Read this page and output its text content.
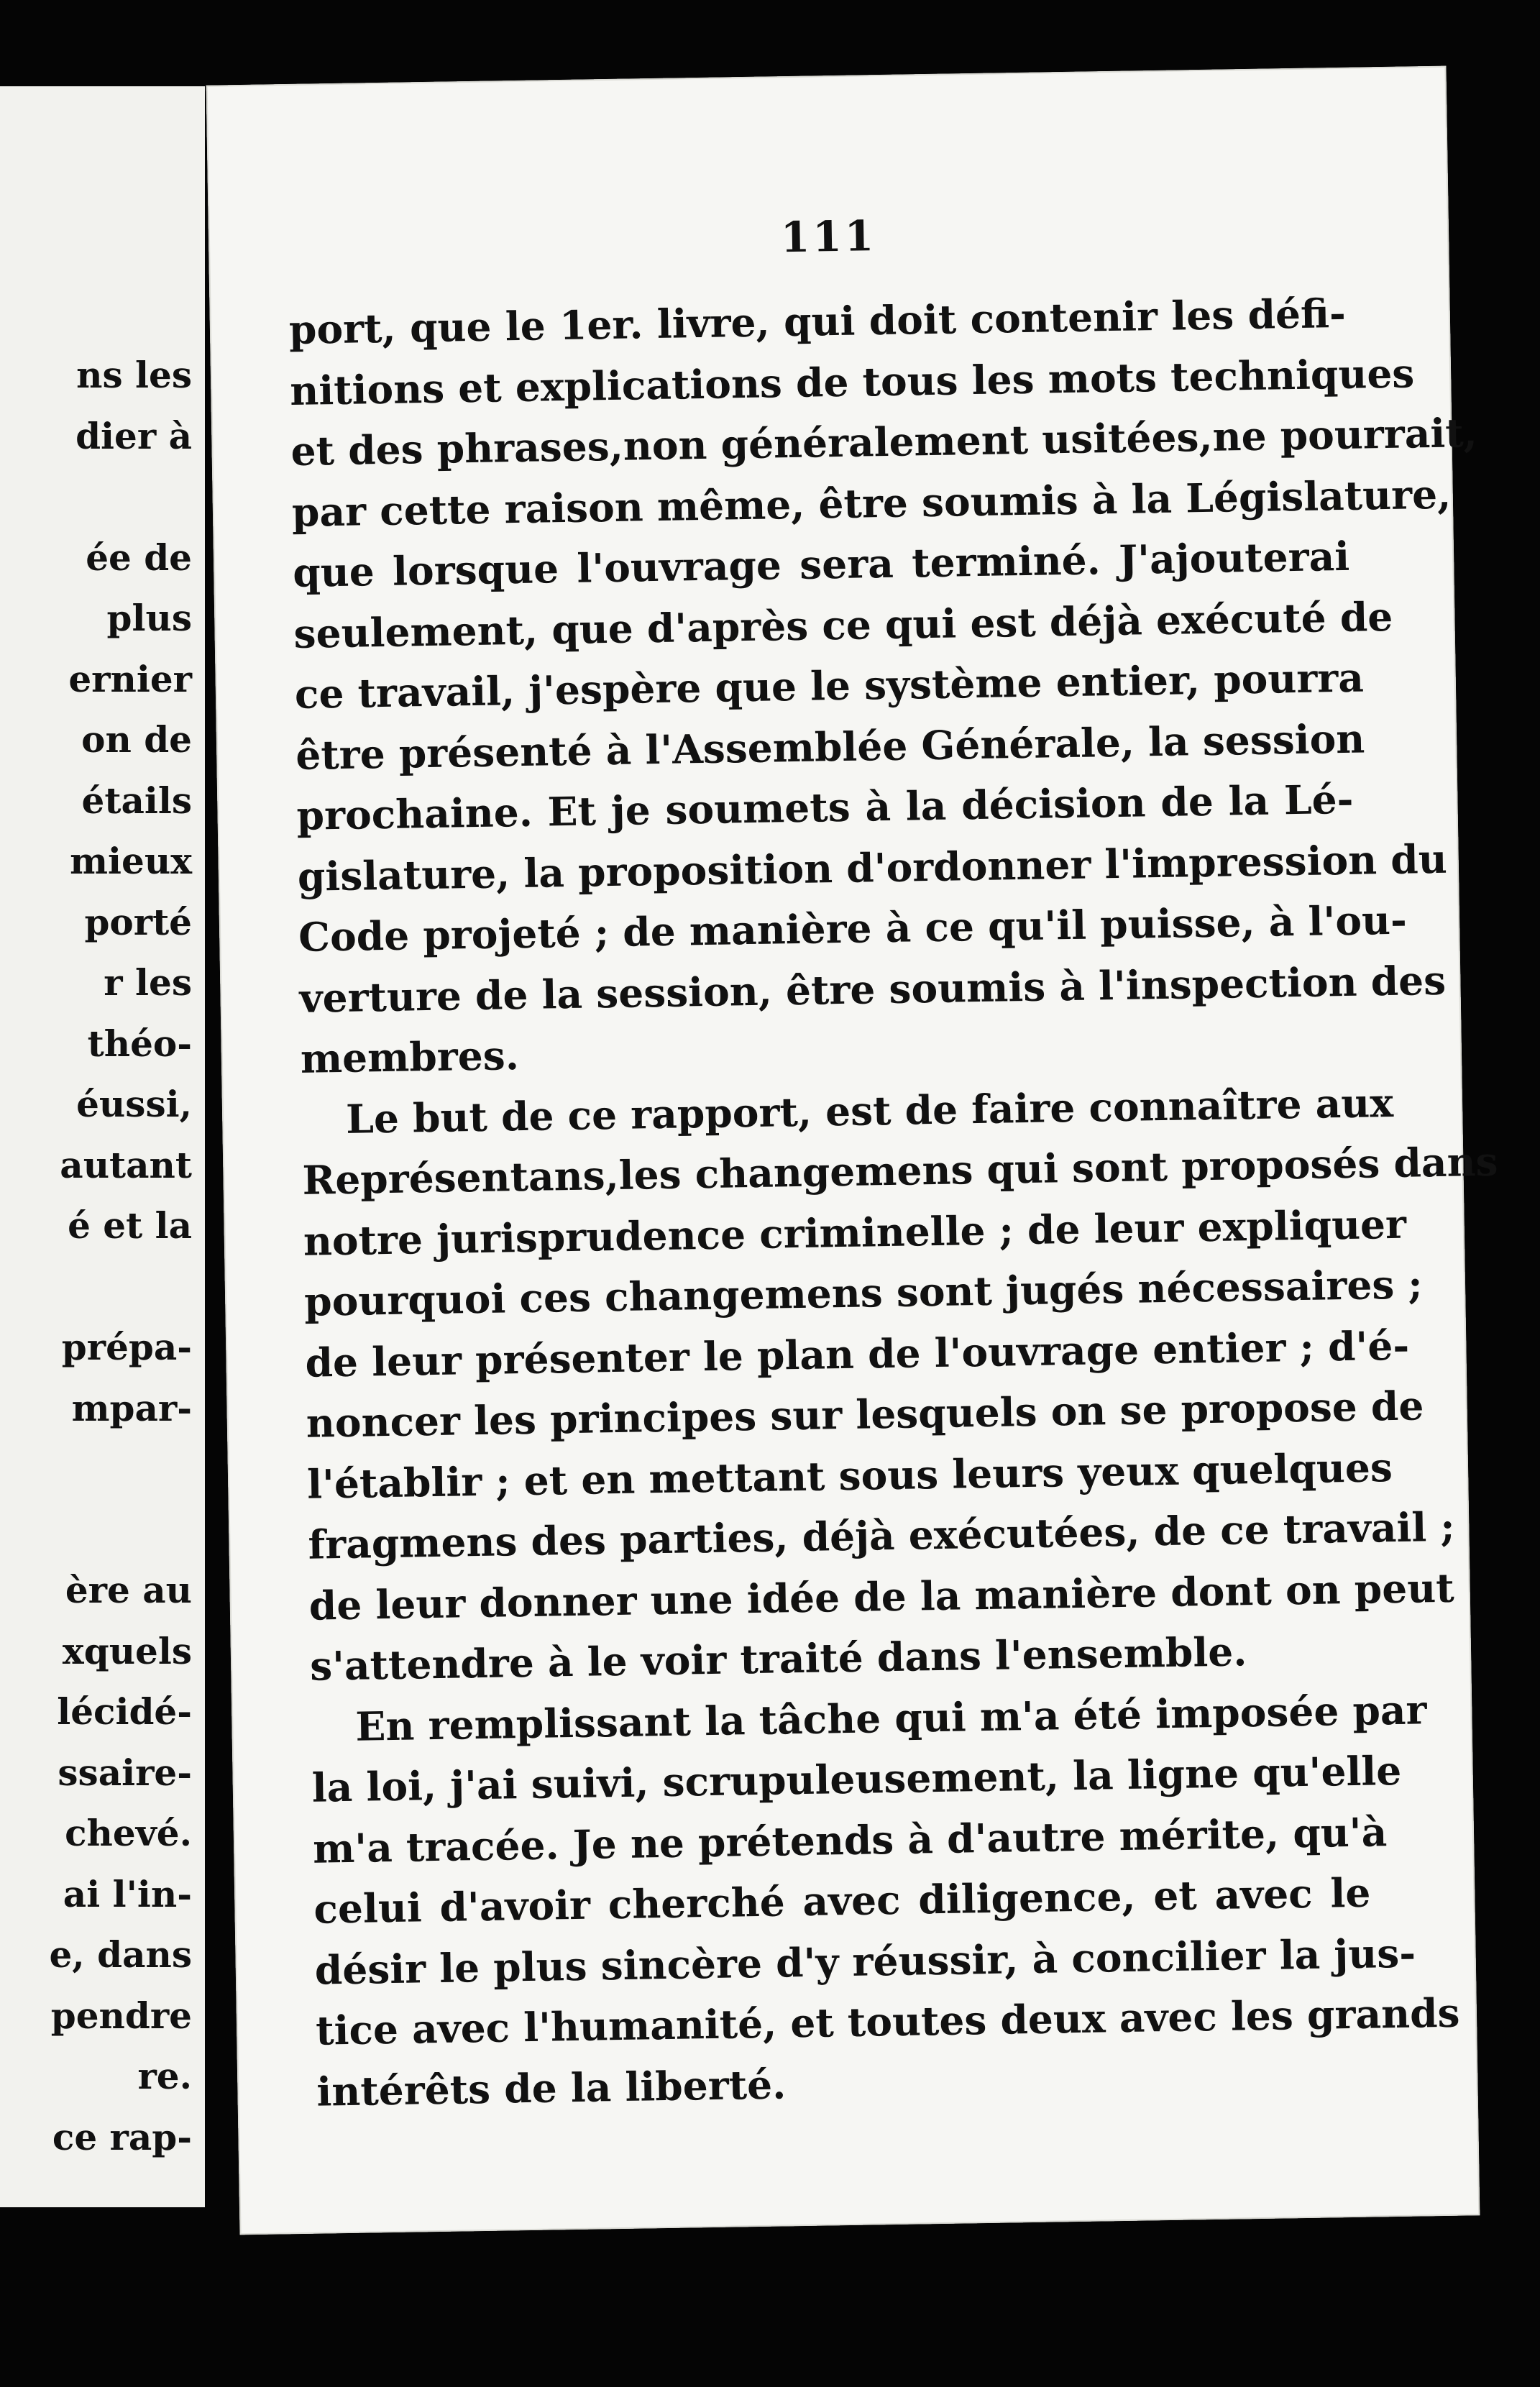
ns les
dier à
ée de
plus
ernier
on de
étails
mieux
porté
r les
théo-
éussi,
autant
é et la
prépa-
mpar-
ère au
xquels
lécidé-
ssaire-
chevé.
ai l'in-
e, dans
pendre
re.
ce rap-

111

port, que le 1er. livre, qui doit contenir les défi-
nitions et explications de tous les mots techniques
et des phrases,non généralement usitées,ne pourrait,
par cette raison même, être soumis à la Législature,
que lorsque l'ouvrage sera terminé. J'ajouterai
seulement, que d'après ce qui est déjà exécuté de
ce travail, j'espère que le système entier, pourra
être présenté à l'Assemblée Générale, la session
prochaine. Et je soumets à la décision de la Lé-
gislature, la proposition d'ordonner l'impression du
Code projeté ; de manière à ce qu'il puisse, à l'ou-
verture de la session, être soumis à l'inspection des
membres.
Le but de ce rapport, est de faire connaître aux
Représentans,les changemens qui sont proposés dans
notre jurisprudence criminelle ; de leur expliquer
pourquoi ces changemens sont jugés nécessaires ;
de leur présenter le plan de l'ouvrage entier ; d'é-
noncer les principes sur lesquels on se propose de
l'établir ; et en mettant sous leurs yeux quelques
fragmens des parties, déjà exécutées, de ce travail ;
de leur donner une idée de la manière dont on peut
s'attendre à le voir traité dans l'ensemble.
En remplissant la tâche qui m'a été imposée par
la loi, j'ai suivi, scrupuleusement, la ligne qu'elle
m'a tracée. Je ne prétends à d'autre mérite, qu'à
celui d'avoir cherché avec diligence, et avec le
désir le plus sincère d'y réussir, à concilier la jus-
tice avec l'humanité, et toutes deux avec les grands
intérêts de la liberté.
